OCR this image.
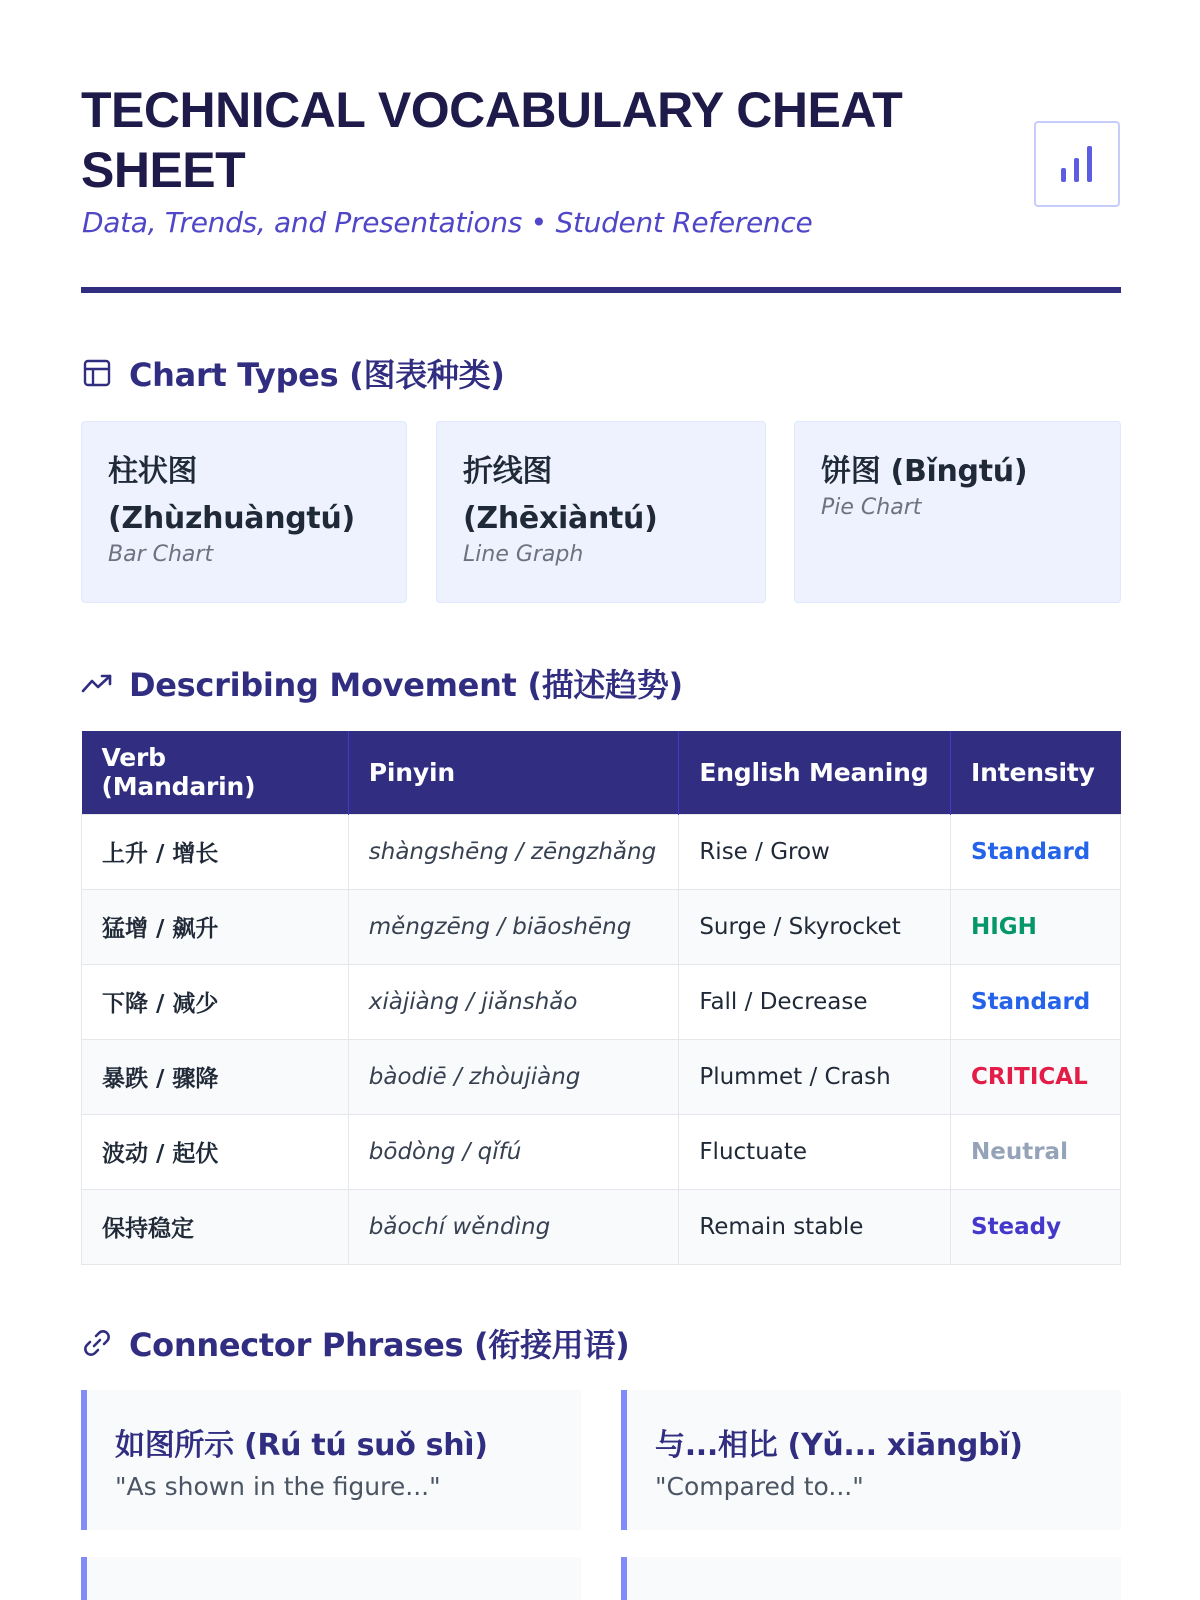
TECHNICAL VOCABULARY CHEAT SHEET
Data, Trends, and Presentations • Student Reference
Chart Types (图表种类)
柱状图 (Zhùzhuàngtú)
Bar Chart
折线图 (Zhēxiàntú)
Line Graph
饼图 (Bǐngtú)
Pie Chart
Describing Movement (描述趋势)
Verb (Mandarin)	Pinyin	English Meaning	Intensity
上升 / 增长	shàngshēng / zēngzhǎng	Rise / Grow	Standard
猛增 / 飙升	měngzēng / biāoshēng	Surge / Skyrocket	HIGH
下降 / 减少	xiàjiàng / jiǎnshǎo	Fall / Decrease	Standard
暴跌 / 骤降	bàodiē / zhòujiàng	Plummet / Crash	CRITICAL
波动 / 起伏	bōdòng / qǐfú	Fluctuate	Neutral
保持稳定	bǎochí wěndìng	Remain stable	Steady
Connector Phrases (衔接用语)
如图所示 (Rú tú suǒ shì)
"As shown in the figure..."
与...相比 (Yǔ... xiāngbǐ)
"Compared to..."
